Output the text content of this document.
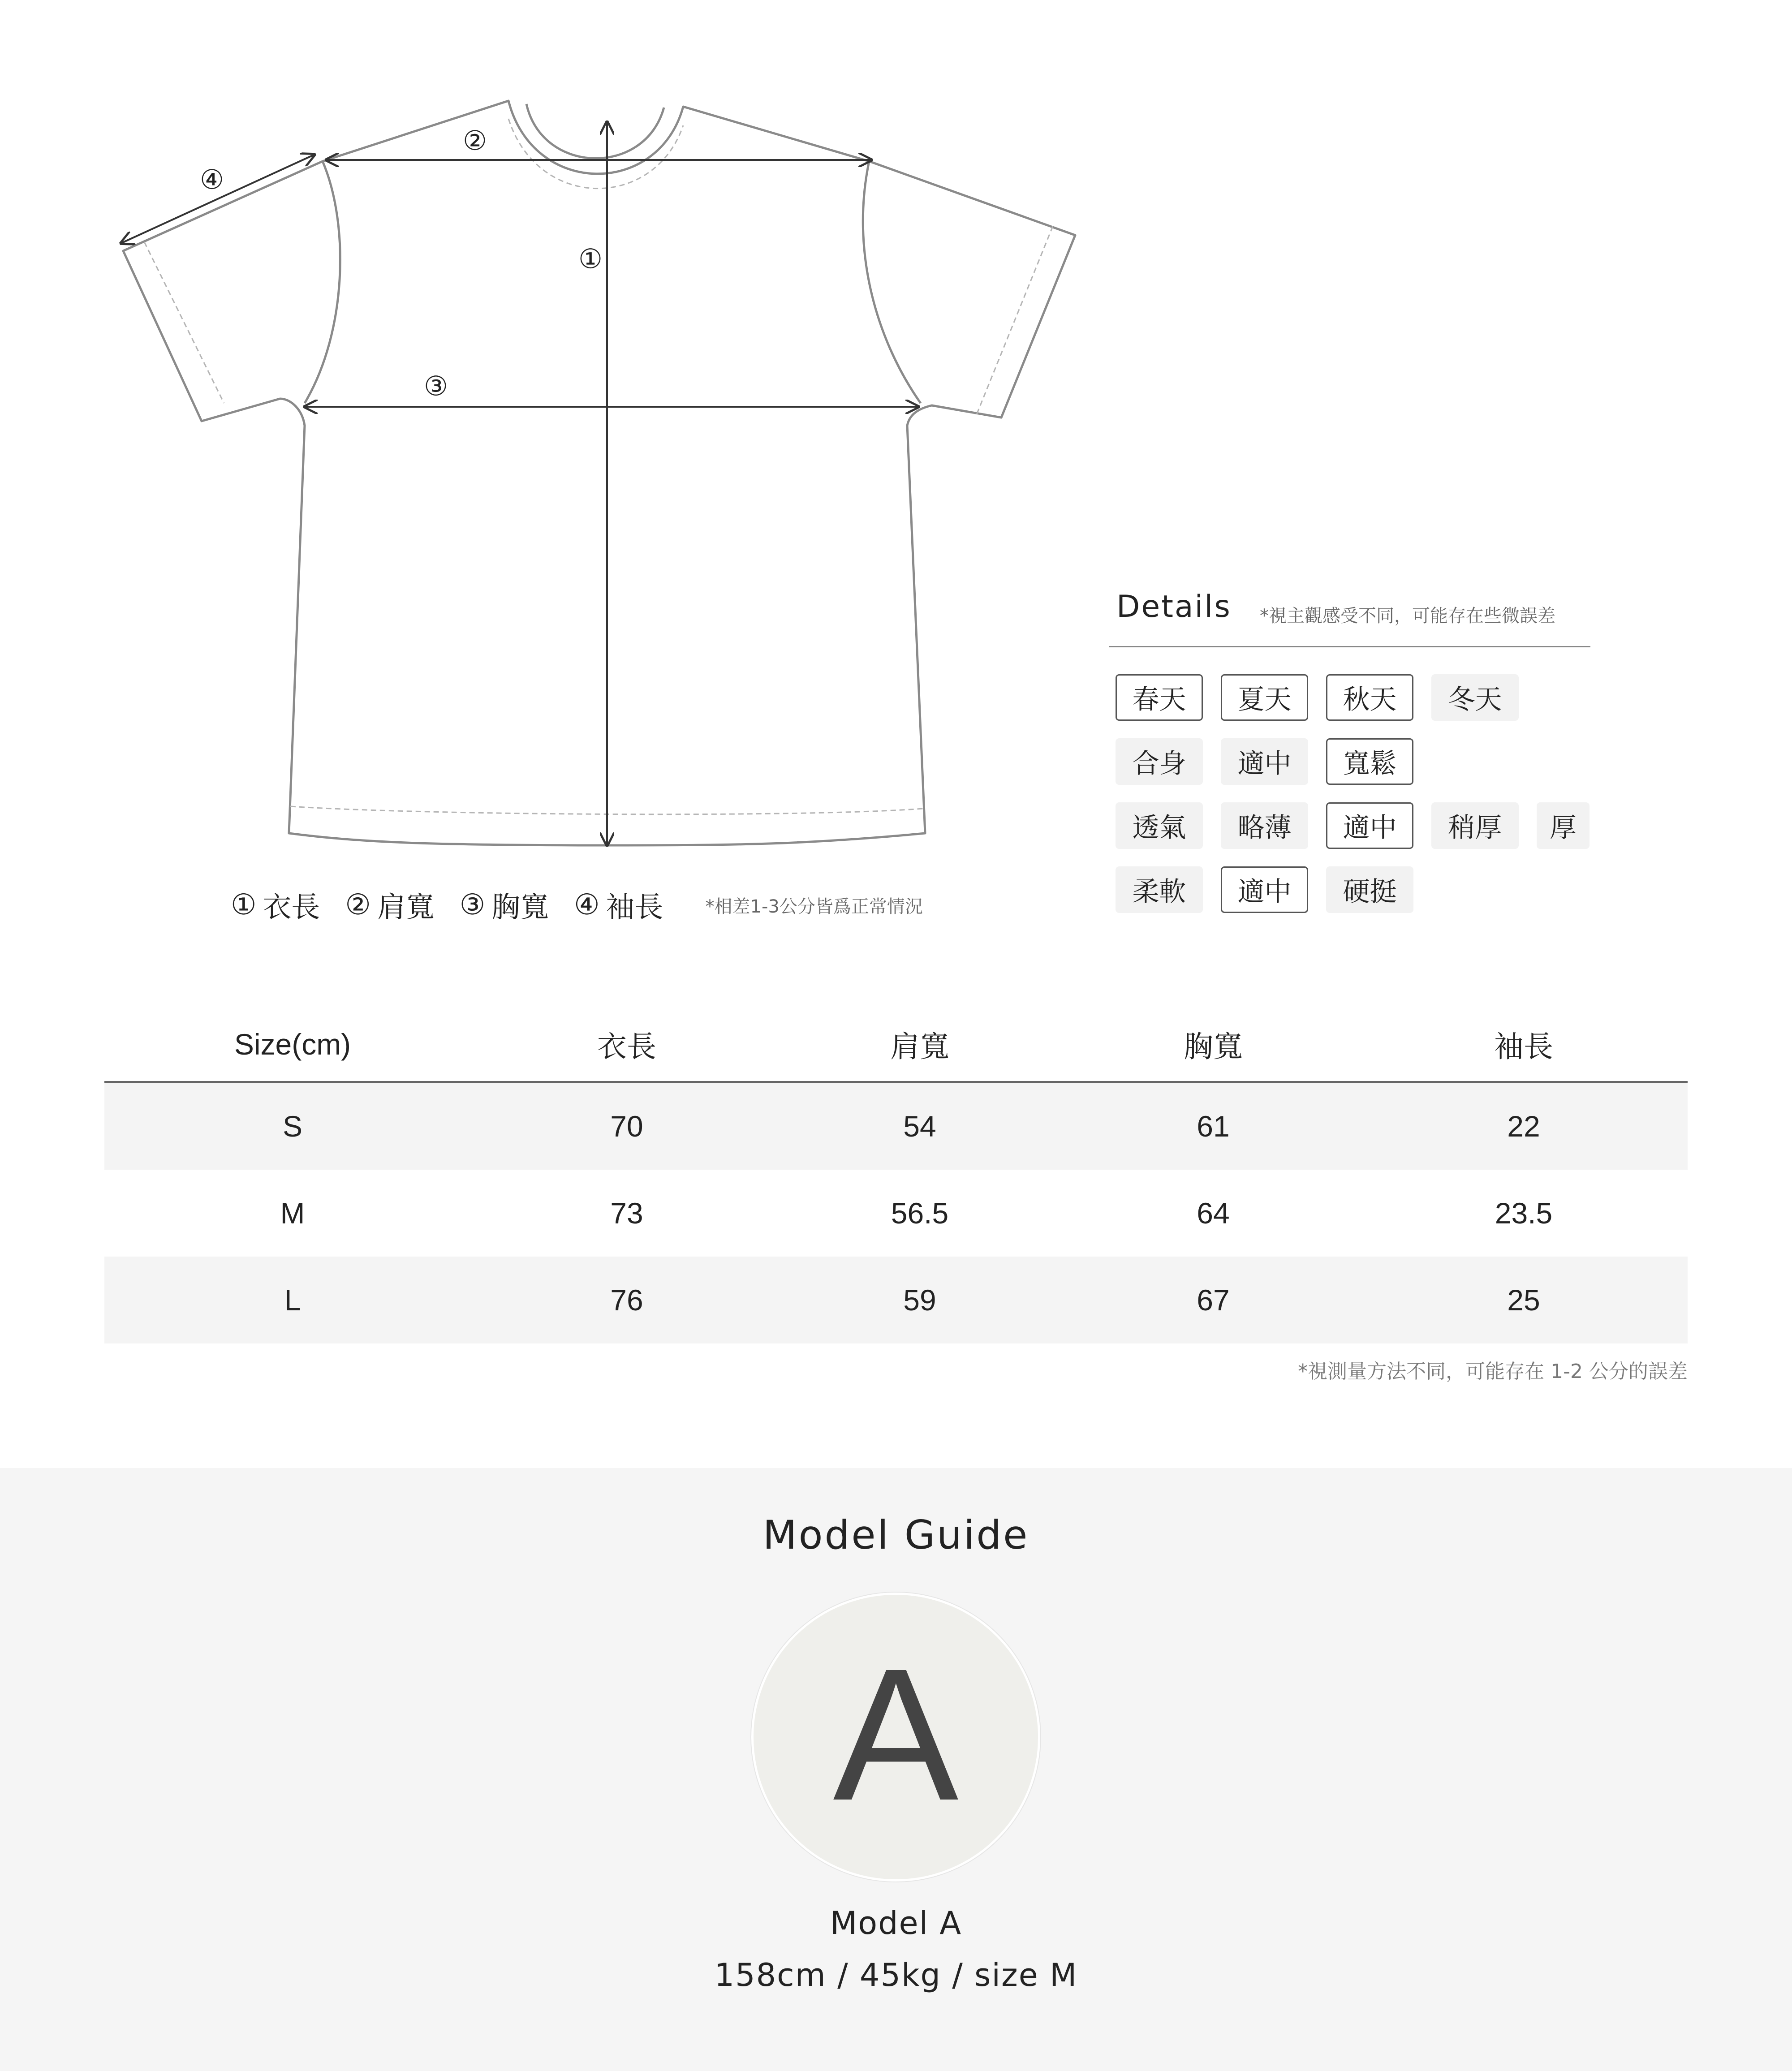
②
④
①
③
① 衣長 ② 肩寬 ③ 胸寬 ④ 袖長 *相差1-3公分皆爲正常情況
Details *視主觀感受不同，可能存在些微誤差
春天	夏天	秋天	冬天
合身	適中	寬鬆
透氣	略薄	適中	稍厚	厚
柔軟	適中	硬挺
Size(cm)	衣長	肩寬	胸寬	袖長
S	70	54	61	22
M	73	56.5	64	23.5
L	76	59	67	25
*視測量方法不同，可能存在 1-2 公分的誤差
Model Guide
A
Model A
158cm / 45kg / size M
